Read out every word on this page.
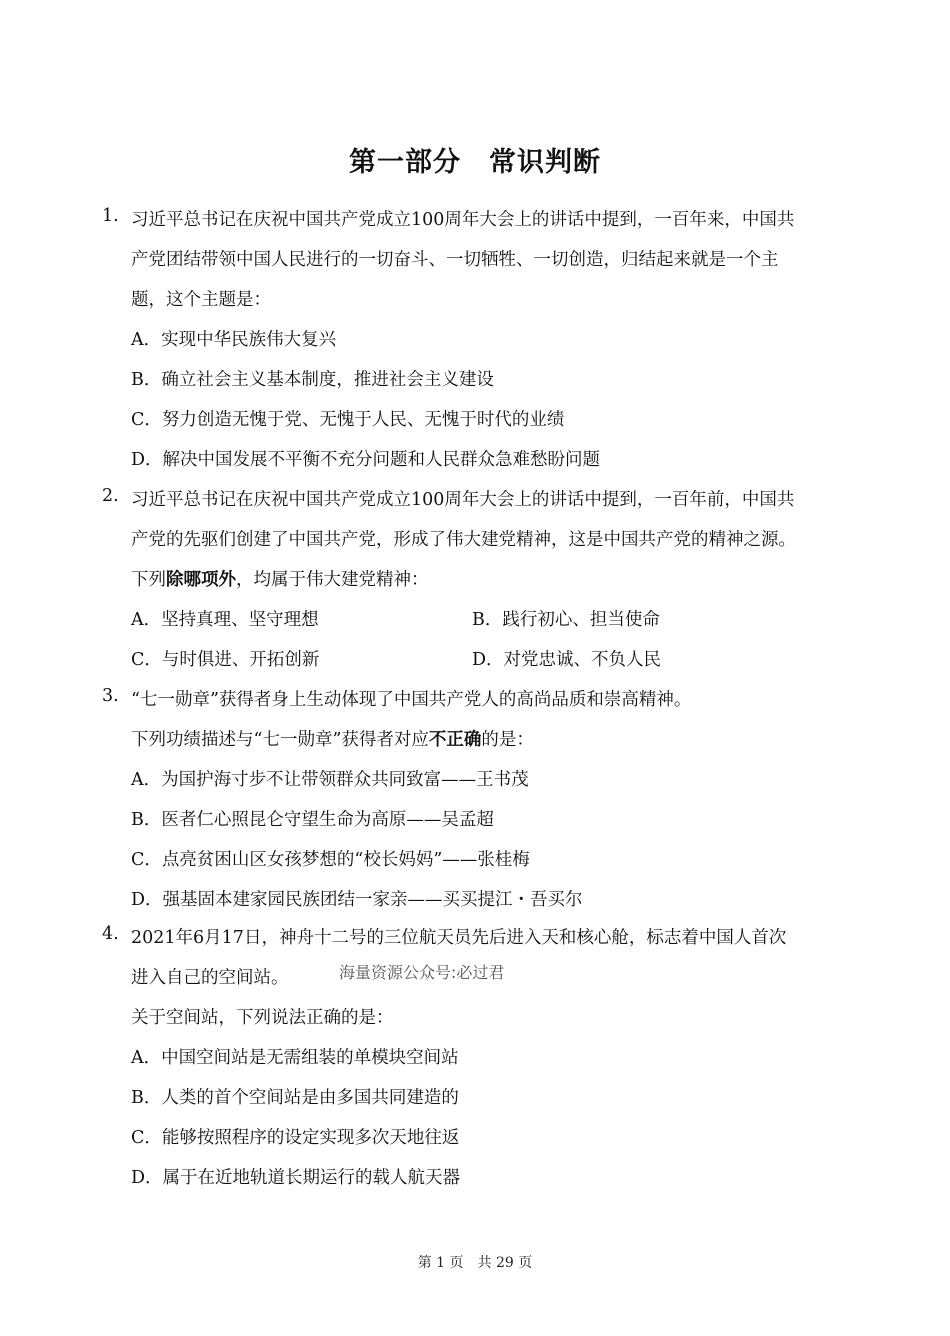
第一部分　常识判断
1. 习近平总书记在庆祝中国共产党成立100周年大会上的讲话中提到，一百年来，中国共
产党团结带领中国人民进行的一切奋斗、一切牺牲、一切创造，归结起来就是一个主
题，这个主题是：
A．实现中华民族伟大复兴
B．确立社会主义基本制度，推进社会主义建设
C．努力创造无愧于党、无愧于人民、无愧于时代的业绩
D．解决中国发展不平衡不充分问题和人民群众急难愁盼问题
2. 习近平总书记在庆祝中国共产党成立100周年大会上的讲话中提到，一百年前，中国共
产党的先驱们创建了中国共产党，形成了伟大建党精神，这是中国共产党的精神之源。
下列除哪项外，均属于伟大建党精神：
A．坚持真理、坚守理想	B．践行初心、担当使命
C．与时俱进、开拓创新	D．对党忠诚、不负人民
3. “七一勋章”获得者身上生动体现了中国共产党人的高尚品质和崇高精神。
下列功绩描述与“七一勋章”获得者对应不正确的是：
A．为国护海寸步不让带领群众共同致富——王书茂
B．医者仁心照昆仑守望生命为高原——吴孟超
C．点亮贫困山区女孩梦想的“校长妈妈”——张桂梅
D．强基固本建家园民族团结一家亲——买买提江・吾买尔
4. 2021年6月17日，神舟十二号的三位航天员先后进入天和核心舱，标志着中国人首次
进入自己的空间站。	海量资源公众号:必过君
关于空间站，下列说法正确的是：
A．中国空间站是无需组装的单模块空间站
B．人类的首个空间站是由多国共同建造的
C．能够按照程序的设定实现多次天地往返
D．属于在近地轨道长期运行的载人航天器
第 1 页　共 29 页
